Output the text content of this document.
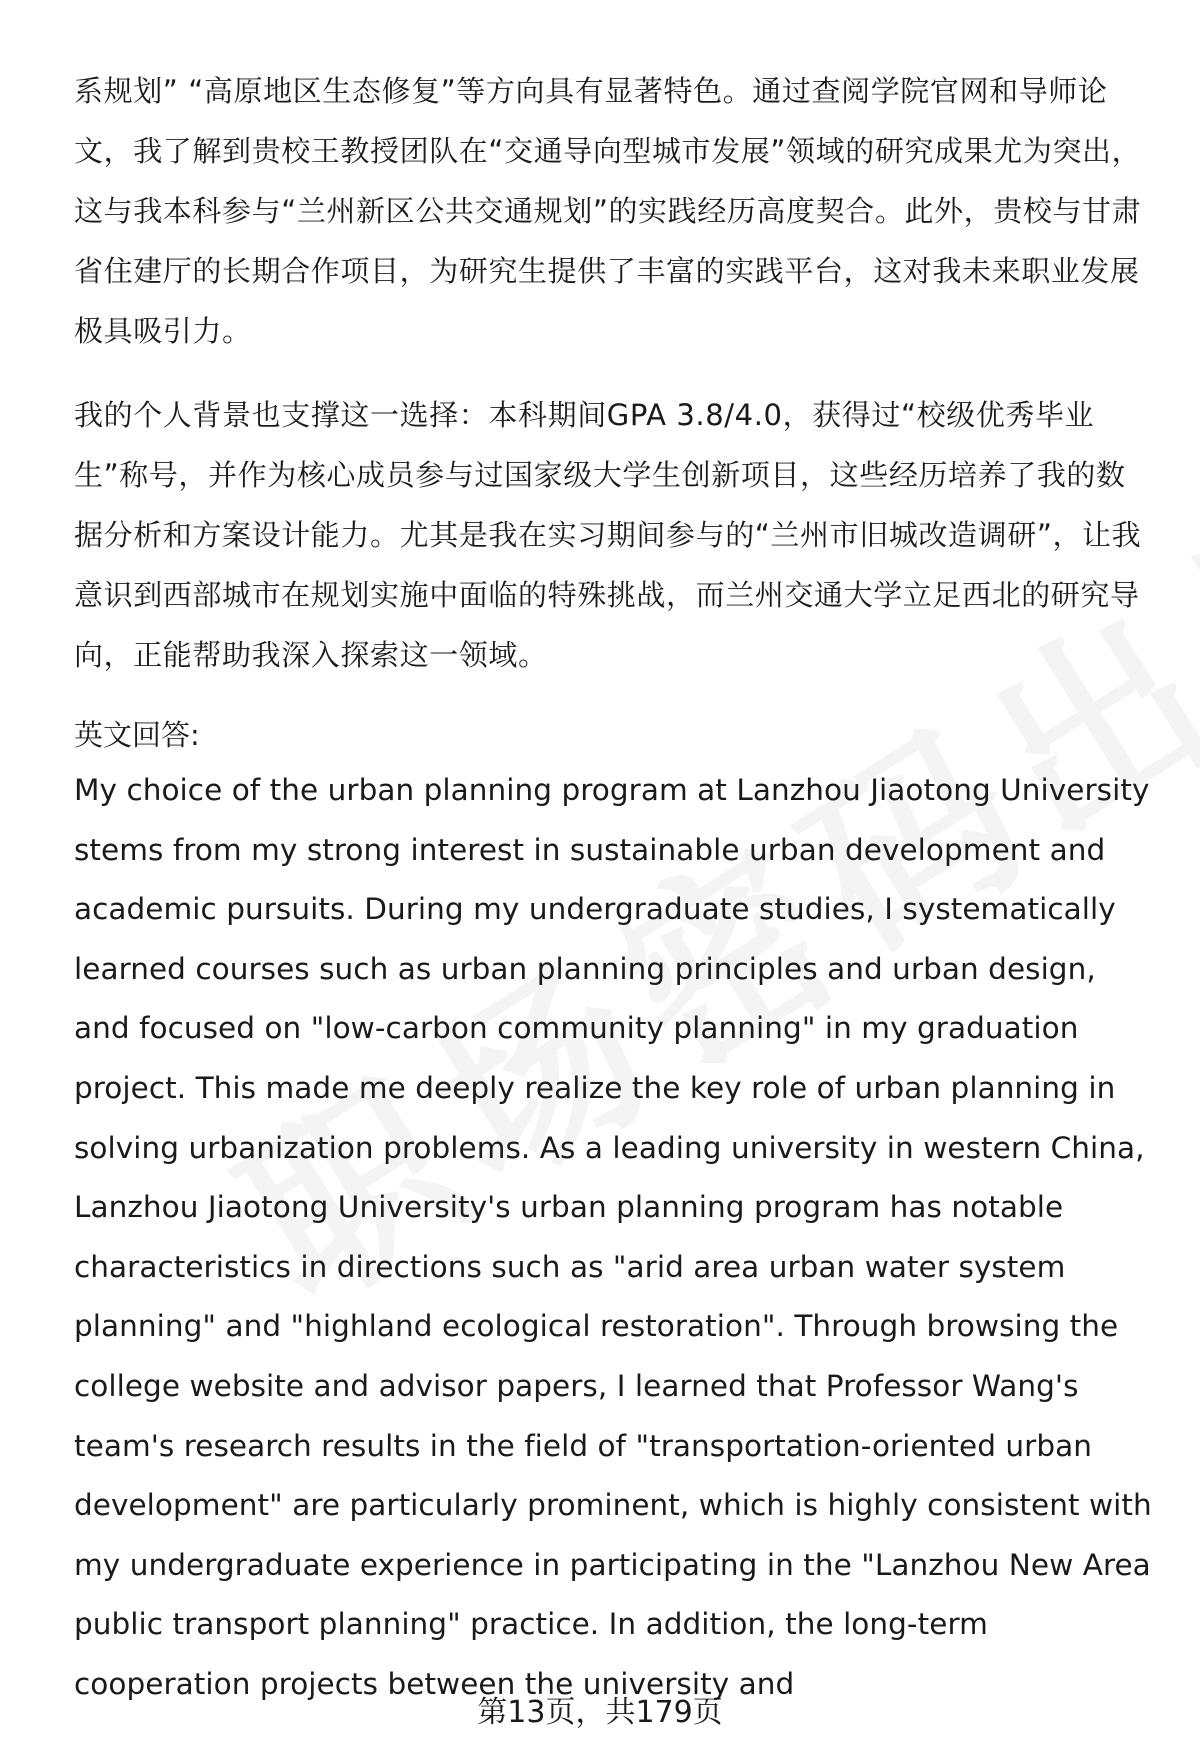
系规划” “高原地区生态修复”等方向具有显著特色。通过查阅学院官网和导师论文，我了解到贵校王教授团队在“交通导向型城市发展”领域的研究成果尤为突出，这与我本科参与“兰州新区公共交通规划”的实践经历高度契合。此外，贵校与甘肃省住建厅的长期合作项目，为研究生提供了丰富的实践平台，这对我未来职业发展极具吸引力。

我的个人背景也支撑这一选择：本科期间GPA 3.8/4.0，获得过“校级优秀毕业生”称号，并作为核心成员参与过国家级大学生创新项目，这些经历培养了我的数据分析和方案设计能力。尤其是我在实习期间参与的“兰州市旧城改造调研”，让我意识到西部城市在规划实施中面临的特殊挑战，而兰州交通大学立足西北的研究导向，正能帮助我深入探索这一领域。

英文回答:

My choice of the urban planning program at Lanzhou Jiaotong University stems from my strong interest in sustainable urban development and academic pursuits. During my undergraduate studies, I systematically learned courses such as urban planning principles and urban design, and focused on "low-carbon community planning" in my graduation project. This made me deeply realize the key role of urban planning in solving urbanization problems. As a leading university in western China, Lanzhou Jiaotong University's urban planning program has notable characteristics in directions such as "arid area urban water system planning" and "highland ecological restoration". Through browsing the college website and advisor papers, I learned that Professor Wang's team's research results in the field of "transportation-oriented urban development" are particularly prominent, which is highly consistent with my undergraduate experience in participating in the "Lanzhou New Area public transport planning" practice. In addition, the long-term cooperation projects between the university and

第13页，共179页
